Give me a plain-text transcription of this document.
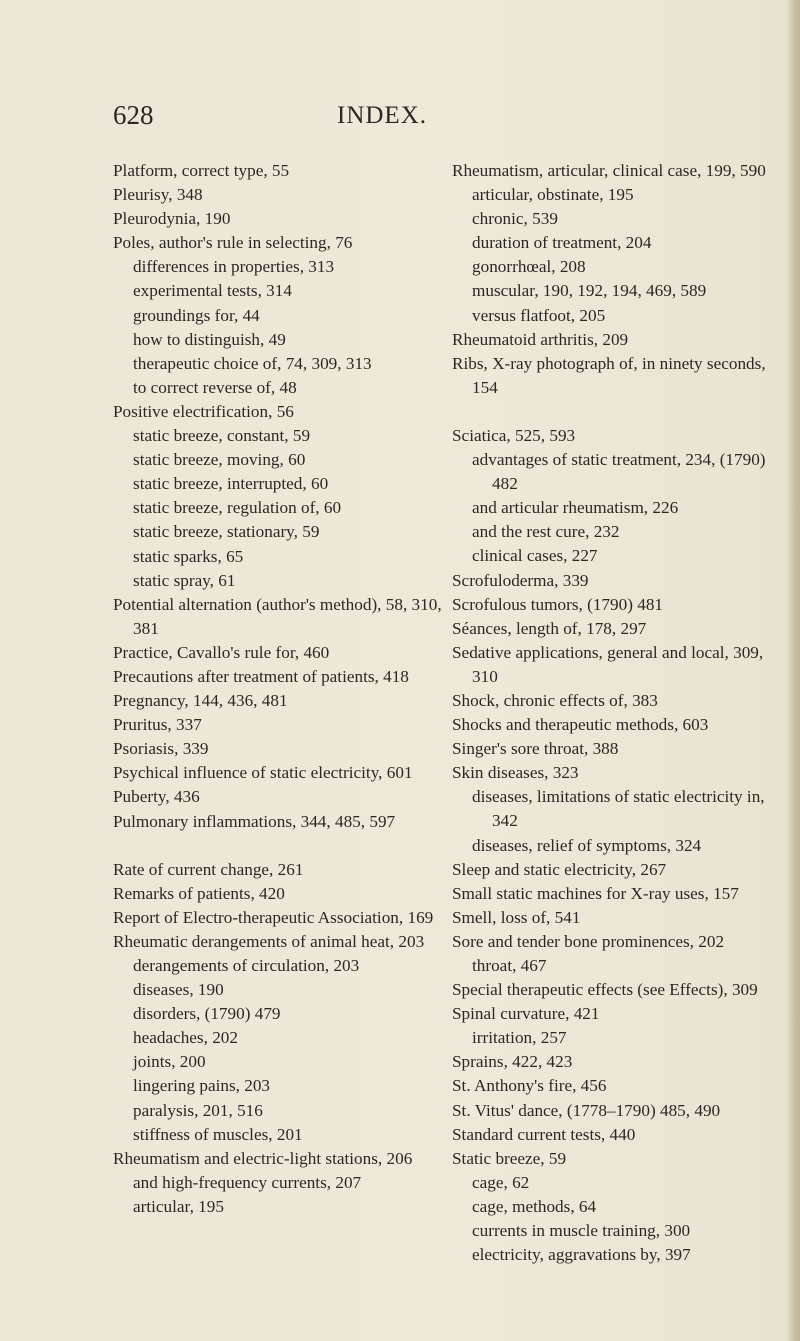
628	INDEX.
Platform, correct type, 55
Pleurisy, 348
Pleurodynia, 190
Poles, author's rule in selecting, 76
differences in properties, 313
experimental tests, 314
groundings for, 44
how to distinguish, 49
therapeutic choice of, 74, 309, 313
to correct reverse of, 48
Positive electrification, 56
static breeze, constant, 59
static breeze, moving, 60
static breeze, interrupted, 60
static breeze, regulation of, 60
static breeze, stationary, 59
static sparks, 65
static spray, 61
Potential alternation (author's method), 58, 310, 381
Practice, Cavallo's rule for, 460
Precautions after treatment of patients, 418
Pregnancy, 144, 436, 481
Pruritus, 337
Psoriasis, 339
Psychical influence of static electricity, 601
Puberty, 436
Pulmonary inflammations, 344, 485, 597
Rate of current change, 261
Remarks of patients, 420
Report of Electro-therapeutic Association, 169
Rheumatic derangements of animal heat, 203
derangements of circulation, 203
diseases, 190
disorders, (1790) 479
headaches, 202
joints, 200
lingering pains, 203
paralysis, 201, 516
stiffness of muscles, 201
Rheumatism and electric-light stations, 206
and high-frequency currents, 207
articular, 195
Rheumatism, articular, clinical case, 199, 590
articular, obstinate, 195
chronic, 539
duration of treatment, 204
gonorrhœal, 208
muscular, 190, 192, 194, 469, 589
versus flatfoot, 205
Rheumatoid arthritis, 209
Ribs, X-ray photograph of, in ninety seconds, 154
Sciatica, 525, 593
advantages of static treatment, 234, (1790) 482
and articular rheumatism, 226
and the rest cure, 232
clinical cases, 227
Scrofuloderma, 339
Scrofulous tumors, (1790) 481
Séances, length of, 178, 297
Sedative applications, general and local, 309, 310
Shock, chronic effects of, 383
Shocks and therapeutic methods, 603
Singer's sore throat, 388
Skin diseases, 323
diseases, limitations of static electricity in, 342
diseases, relief of symptoms, 324
Sleep and static electricity, 267
Small static machines for X-ray uses, 157
Smell, loss of, 541
Sore and tender bone prominences, 202
throat, 467
Special therapeutic effects (see Effects), 309
Spinal curvature, 421
irritation, 257
Sprains, 422, 423
St. Anthony's fire, 456
St. Vitus' dance, (1778–1790) 485, 490
Standard current tests, 440
Static breeze, 59
cage, 62
cage, methods, 64
currents in muscle training, 300
electricity, aggravations by, 397
